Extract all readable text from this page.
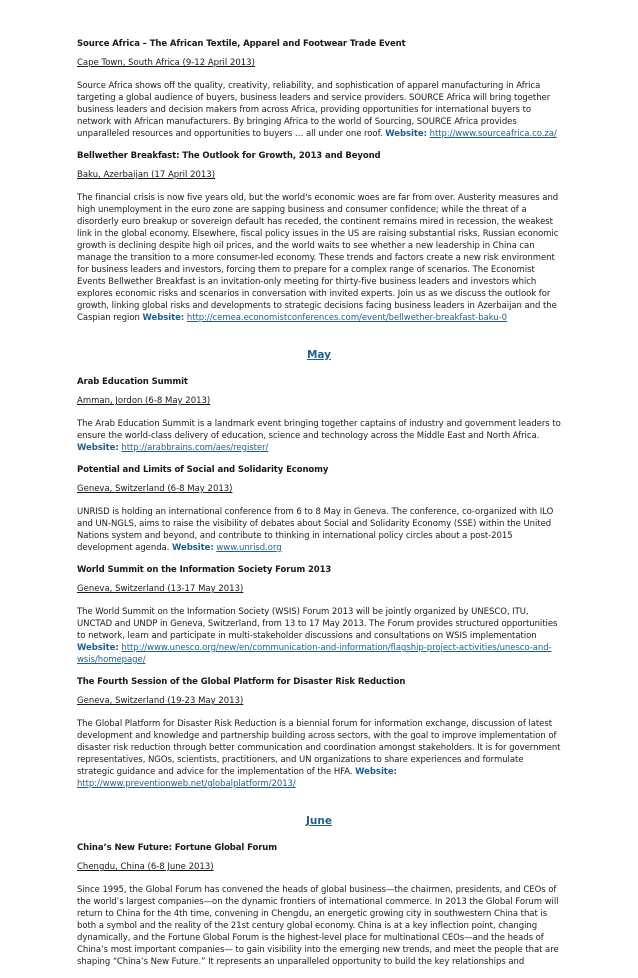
Source Africa – The African Textile, Apparel and Footwear Trade Event
Cape Town, South Africa (9-12 April 2013)
Source Africa shows off the quality, creativity, reliability, and sophistication of apparel manufacturing in Africa targeting a global audience of buyers, business leaders and service providers. SOURCE Africa will bring together business leaders and decision makers from across Africa, providing opportunities for international buyers to network with African manufacturers. By bringing Africa to the world of Sourcing, SOURCE Africa provides unparalleled resources and opportunities to buyers … all under one roof. Website: http://www.sourceafrica.co.za/
Bellwether Breakfast: The Outlook for Growth, 2013 and Beyond
Baku, Azerbaijan (17 April 2013)
The financial crisis is now five years old, but the world's economic woes are far from over. Austerity measures and high unemployment in the euro zone are sapping business and consumer confidence; while the threat of a disorderly euro breakup or sovereign default has receded, the continent remains mired in recession, the weakest link in the global economy. Elsewhere, fiscal policy issues in the US are raising substantial risks, Russian economic growth is declining despite high oil prices, and the world waits to see whether a new leadership in China can manage the transition to a more consumer-led economy. These trends and factors create a new risk environment for business leaders and investors, forcing them to prepare for a complex range of scenarios. The Economist Events Bellwether Breakfast is an invitation-only meeting for thirty-five business leaders and investors which explores economic risks and scenarios in conversation with invited experts. Join us as we discuss the outlook for growth, linking global risks and developments to strategic decisions facing business leaders in Azerbaijan and the Caspian region Website: http://cemea.economistconferences.com/event/bellwether-breakfast-baku-0
May
Arab Education Summit
Amman, Jordon (6-8 May 2013)
The Arab Education Summit is a landmark event bringing together captains of industry and government leaders to ensure the world-class delivery of education, science and technology across the Middle East and North Africa. Website: http://arabbrains.com/aes/register/
Potential and Limits of Social and Solidarity Economy
Geneva, Switzerland (6-8 May 2013)
UNRISD is holding an international conference from 6 to 8 May in Geneva. The conference, co-organized with ILO and UN-NGLS, aims to raise the visibility of debates about Social and Solidarity Economy (SSE) within the United Nations system and beyond, and contribute to thinking in international policy circles about a post-2015 development agenda. Website: www.unrisd.org
World Summit on the Information Society Forum 2013
Geneva, Switzerland (13-17 May 2013)
The World Summit on the Information Society (WSIS) Forum 2013 will be jointly organized by UNESCO, ITU, UNCTAD and UNDP in Geneva, Switzerland, from 13 to 17 May 2013. The Forum provides structured opportunities to network, learn and participate in multi-stakeholder discussions and consultations on WSIS implementation Website: http://www.unesco.org/new/en/communication-and-information/flagship-project-activities/unesco-and-wsis/homepage/
The Fourth Session of the Global Platform for Disaster Risk Reduction
Geneva, Switzerland (19-23 May 2013)
The Global Platform for Disaster Risk Reduction is a biennial forum for information exchange, discussion of latest development and knowledge and partnership building across sectors, with the goal to improve implementation of disaster risk reduction through better communication and coordination amongst stakeholders. It is for government representatives, NGOs, scientists, practitioners, and UN organizations to share experiences and formulate strategic guidance and advice for the implementation of the HFA. Website: http://www.preventionweb.net/globalplatform/2013/
June
China’s New Future: Fortune Global Forum
Chengdu, China (6-8 June 2013)
Since 1995, the Global Forum has convened the heads of global business—the chairmen, presidents, and CEOs of the world’s largest companies—on the dynamic frontiers of international commerce. In 2013 the Global Forum will return to China for the 4th time, convening in Chengdu, an energetic growing city in southwestern China that is both a symbol and the reality of the 21st century global economy. China is at a key inflection point, changing dynamically, and the Fortune Global Forum is the highest-level place for multinational CEOs—and the heads of China’s most important companies— to gain visibility into the emerging new trends, and meet the people that are shaping “China’s New Future.” It represents an unparalleled opportunity to build the key relationships and
